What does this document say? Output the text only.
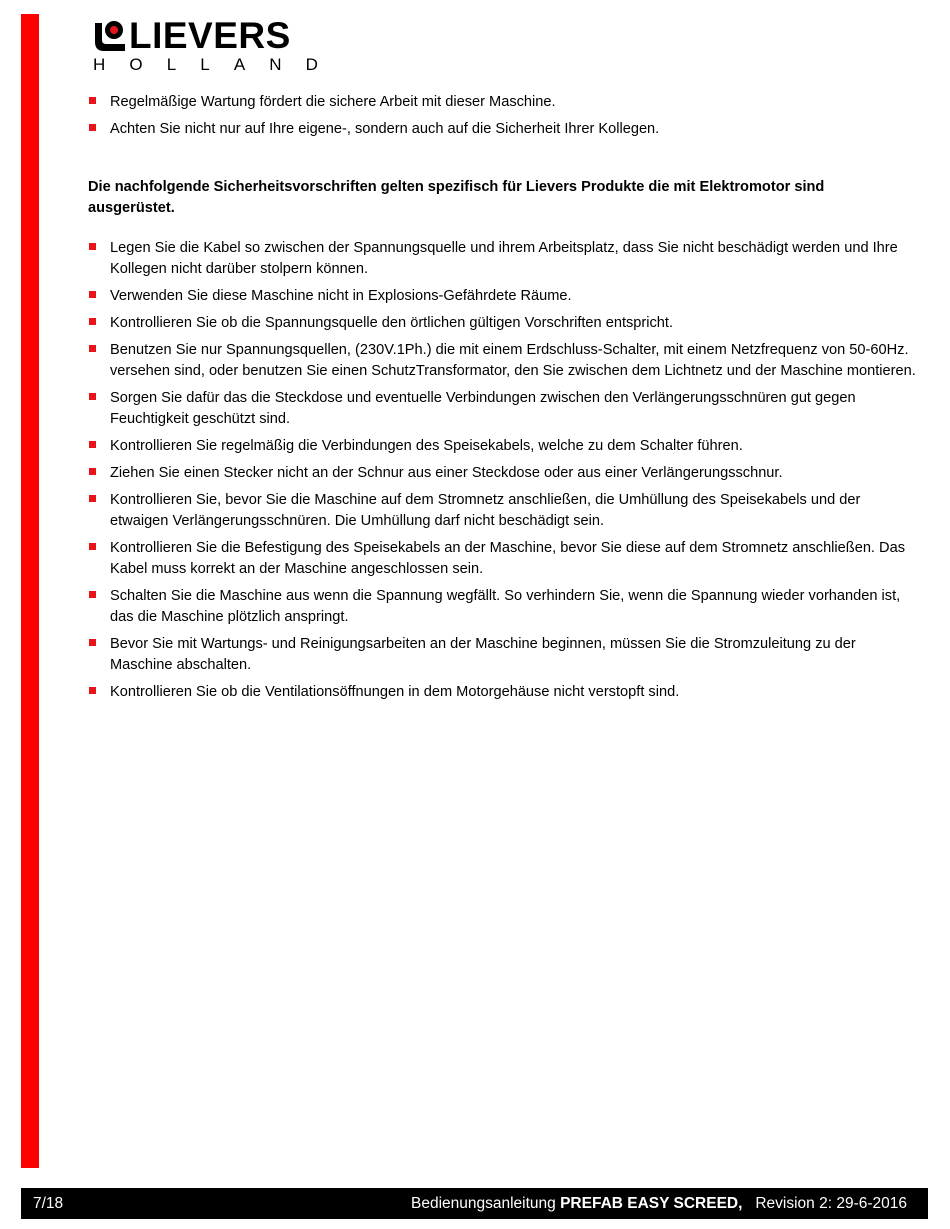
LIEVERS
H O L L A N D
Regelmäßige Wartung fördert die sichere Arbeit mit dieser Maschine.
Achten Sie nicht nur auf Ihre eigene-, sondern auch auf die Sicherheit Ihrer Kollegen.
Die nachfolgende Sicherheitsvorschriften gelten spezifisch für Lievers Produkte die mit Elektromotor sind ausgerüstet.
Legen Sie die Kabel so zwischen der Spannungsquelle und ihrem Arbeitsplatz, dass Sie nicht beschädigt werden und Ihre Kollegen nicht darüber stolpern können.
Verwenden Sie diese Maschine nicht in Explosions-Gefährdete Räume.
Kontrollieren Sie ob die Spannungsquelle den örtlichen gültigen Vorschriften entspricht.
Benutzen Sie nur Spannungsquellen, (230V.1Ph.) die mit einem Erdschluss-Schalter, mit einem Netzfrequenz von 50-60Hz. versehen sind, oder benutzen Sie einen SchutzTransformator, den Sie zwischen dem Lichtnetz und der Maschine montieren.
Sorgen Sie dafür das die Steckdose und eventuelle Verbindungen zwischen den Verlängerungsschnüren gut gegen Feuchtigkeit geschützt sind.
Kontrollieren Sie regelmäßig die Verbindungen des Speisekabels, welche zu dem Schalter führen.
Ziehen Sie einen Stecker nicht an der Schnur aus einer Steckdose oder aus einer Verlängerungsschnur.
Kontrollieren Sie, bevor Sie die Maschine auf dem Stromnetz anschließen, die Umhüllung des Speisekabels und der etwaigen Verlängerungsschnüren. Die Umhüllung darf nicht beschädigt sein.
Kontrollieren Sie die Befestigung des Speisekabels an der Maschine, bevor Sie diese auf dem Stromnetz anschließen. Das Kabel muss korrekt an der Maschine angeschlossen sein.
Schalten Sie die Maschine aus wenn die Spannung wegfällt. So verhindern Sie, wenn die Spannung wieder vorhanden ist, das die Maschine plötzlich anspringt.
Bevor Sie mit Wartungs- und Reinigungsarbeiten an der Maschine beginnen, müssen Sie die Stromzuleitung zu der Maschine abschalten.
Kontrollieren Sie ob die Ventilationsöffnungen in dem Motorgehäuse nicht verstopft sind.
7/18	Bedienungsanleitung PREFAB EASY SCREED,   Revision 2: 29-6-2016
